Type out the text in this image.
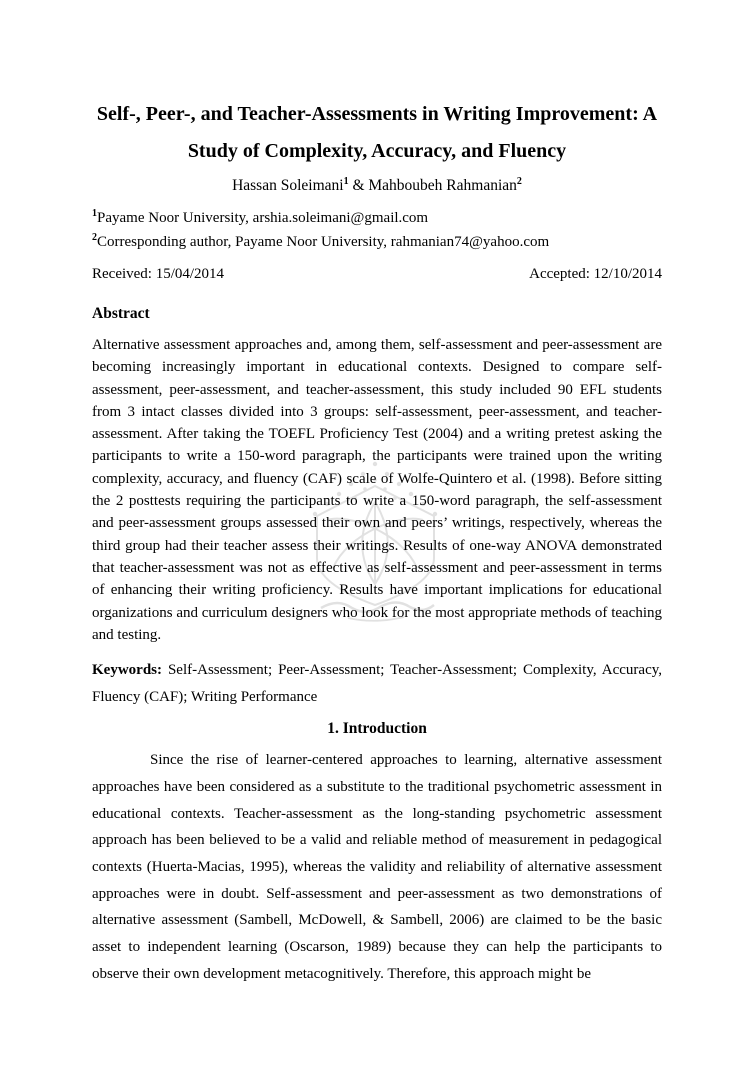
Self-, Peer-, and Teacher-Assessments in Writing Improvement: A Study of Complexity, Accuracy, and Fluency
Hassan Soleimani$^1$ & Mahboubeh Rahmanian$^2$
$^1$Payame Noor University, arshia.soleimani@gmail.com
$^2$Corresponding author, Payame Noor University, rahmanian74@yahoo.com
Received: 15/04/2014	Accepted: 12/10/2014
Abstract

Alternative assessment approaches and, among them, self-assessment and peer-assessment are becoming increasingly important in educational contexts. Designed to compare self-assessment, peer-assessment, and teacher-assessment, this study included 90 EFL students from 3 intact classes divided into 3 groups: self-assessment, peer-assessment, and teacher-assessment. After taking the TOEFL Proficiency Test (2004) and a writing pretest asking the participants to write a 150-word paragraph, the participants were trained upon the writing complexity, accuracy, and fluency (CAF) scale of Wolfe-Quintero et al. (1998). Before sitting the 2 posttests requiring the participants to write a 150-word paragraph, the self-assessment and peer-assessment groups assessed their own and peers’ writings, respectively, whereas the third group had their teacher assess their writings. Results of one-way ANOVA demonstrated that teacher-assessment was not as effective as self-assessment and peer-assessment in terms of enhancing their writing proficiency. Results have important implications for educational organizations and curriculum designers who look for the most appropriate methods of teaching and testing.

Keywords: Self-Assessment; Peer-Assessment; Teacher-Assessment; Complexity, Accuracy, Fluency (CAF); Writing Performance

1. Introduction

Since the rise of learner-centered approaches to learning, alternative assessment approaches have been considered as a substitute to the traditional psychometric assessment in educational contexts. Teacher-assessment as the long-standing psychometric assessment approach has been believed to be a valid and reliable method of measurement in pedagogical contexts (Huerta-Macias, 1995), whereas the validity and reliability of alternative assessment approaches were in doubt. Self-assessment and peer-assessment as two demonstrations of alternative assessment (Sambell, McDowell, & Sambell, 2006) are claimed to be the basic asset to independent learning (Oscarson, 1989) because they can help the participants to observe their own development metacognitively. Therefore, this approach might be
